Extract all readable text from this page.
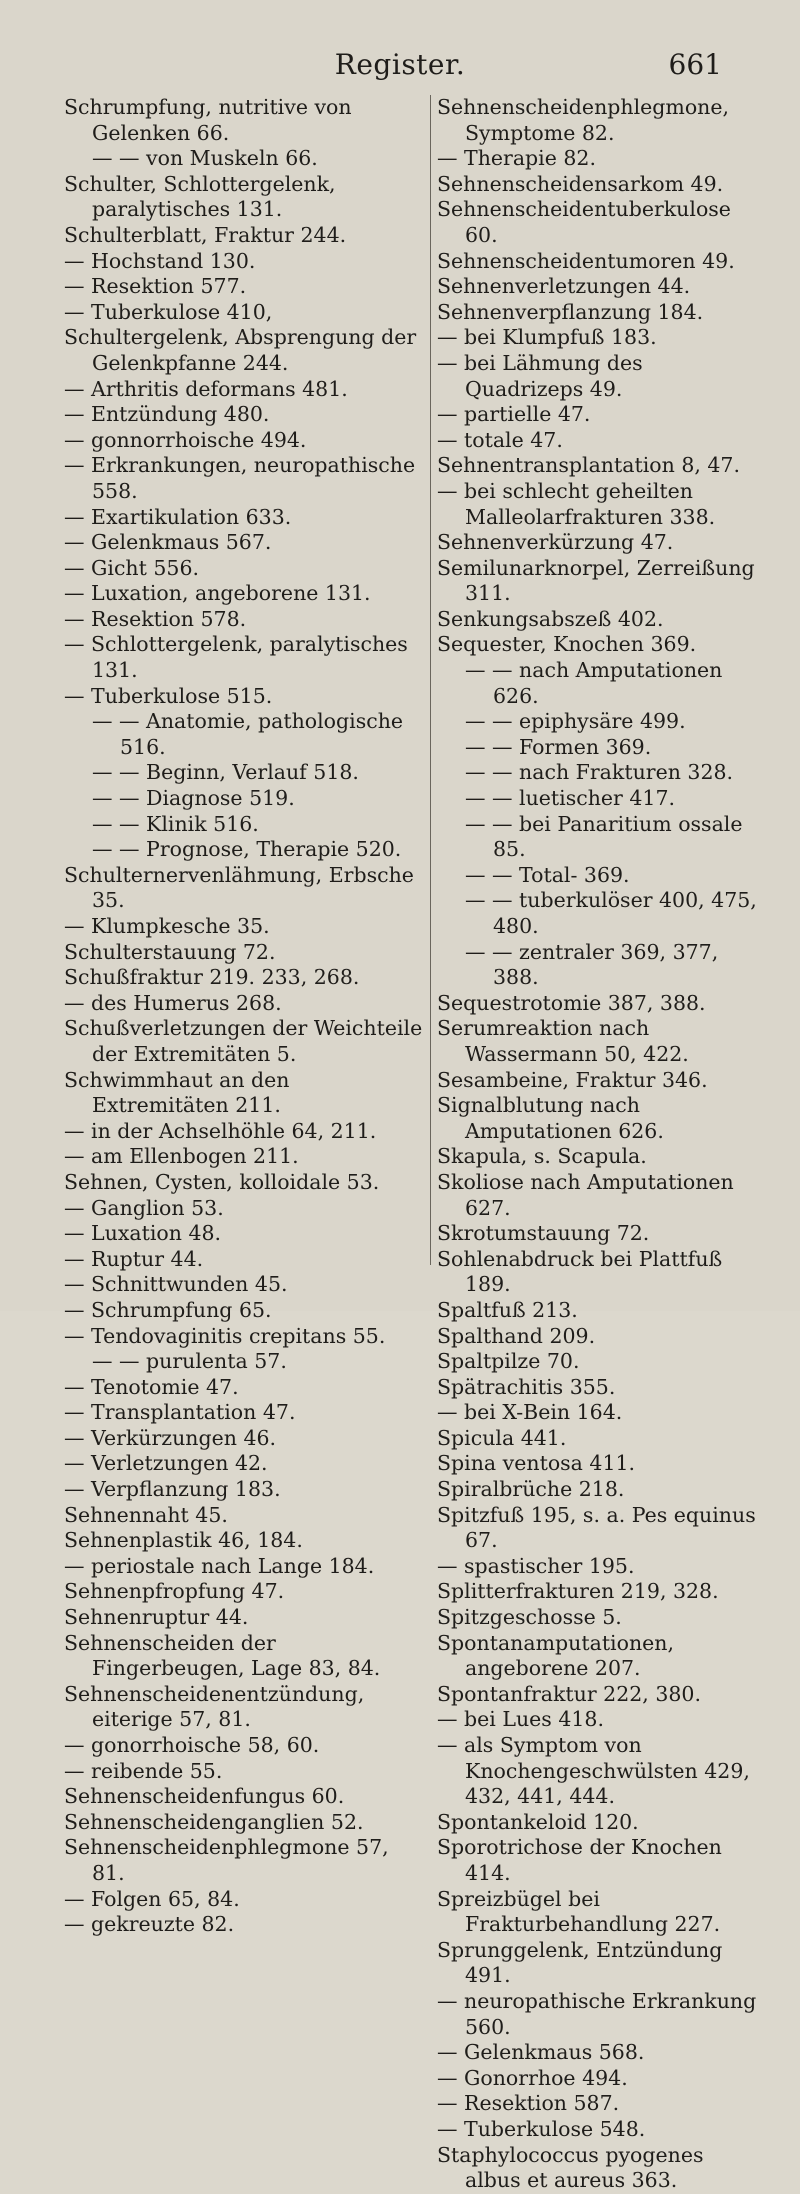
Register.	661
Schrumpfung, nutritive von Gelenken 66.
— — von Muskeln 66.
Schulter, Schlottergelenk, paralytisches 131.
Schulterblatt, Fraktur 244.
— Hochstand 130.
— Resektion 577.
— Tuberkulose 410,
Schultergelenk, Absprengung der Gelenkpfanne 244.
— Arthritis deformans 481.
— Entzündung 480.
— gonnorrhoische 494.
— Erkrankungen, neuropathische 558.
— Exartikulation 633.
— Gelenkmaus 567.
— Gicht 556.
— Luxation, angeborene 131.
— Resektion 578.
— Schlottergelenk, paralytisches 131.
— Tuberkulose 515.
— — Anatomie, pathologische 516.
— — Beginn, Verlauf 518.
— — Diagnose 519.
— — Klinik 516.
— — Prognose, Therapie 520.
Schulternervenlähmung, Erbsche 35.
— Klumpkesche 35.
Schulterstauung 72.
Schußfraktur 219. 233, 268.
— des Humerus 268.
Schußverletzungen der Weichteile der Extremitäten 5.
Schwimmhaut an den Extremitäten 211.
— in der Achselhöhle 64, 211.
— am Ellenbogen 211.
Sehnen, Cysten, kolloidale 53.
— Ganglion 53.
— Luxation 48.
— Ruptur 44.
— Schnittwunden 45.
— Schrumpfung 65.
— Tendovaginitis crepitans 55.
— — purulenta 57.
— Tenotomie 47.
— Transplantation 47.
— Verkürzungen 46.
— Verletzungen 42.
— Verpflanzung 183.
Sehnennaht 45.
Sehnenplastik 46, 184.
— periostale nach Lange 184.
Sehnenpfropfung 47.
Sehnenruptur 44.
Sehnenscheiden der Fingerbeugen, Lage 83, 84.
Sehnenscheidenentzündung, eiterige 57, 81.
— gonorrhoische 58, 60.
— reibende 55.
Sehnenscheidenfungus 60.
Sehnenscheidenganglien 52.
Sehnenscheidenphlegmone 57, 81.
— Folgen 65, 84.
— gekreuzte 82.
Sehnenscheidenphlegmone, Symptome 82.
— Therapie 82.
Sehnenscheidensarkom 49.
Sehnenscheidentuberkulose 60.
Sehnenscheidentumoren 49.
Sehnenverletzungen 44.
Sehnenverpflanzung 184.
— bei Klumpfuß 183.
— bei Lähmung des Quadrizeps 49.
— partielle 47.
— totale 47.
Sehnentransplantation 8, 47.
— bei schlecht geheilten Malleolarfrakturen 338.
Sehnenverkürzung 47.
Semilunarknorpel, Zerreißung 311.
Senkungsabszeß 402.
Sequester, Knochen 369.
— — nach Amputationen 626.
— — epiphysäre 499.
— — Formen 369.
— — nach Frakturen 328.
— — luetischer 417.
— — bei Panaritium ossale 85.
— — Total- 369.
— — tuberkulöser 400, 475, 480.
— — zentraler 369, 377, 388.
Sequestrotomie 387, 388.
Serumreaktion nach Wassermann 50, 422.
Sesambeine, Fraktur 346.
Signalblutung nach Amputationen 626.
Skapula, s. Scapula.
Skoliose nach Amputationen 627.
Skrotumstauung 72.
Sohlenabdruck bei Plattfuß 189.
Spaltfuß 213.
Spalthand 209.
Spaltpilze 70.
Spätrachitis 355.
— bei X-Bein 164.
Spicula 441.
Spina ventosa 411.
Spiralbrüche 218.
Spitzfuß 195, s. a. Pes equinus 67.
— spastischer 195.
Splitterfrakturen 219, 328.
Spitzgeschosse 5.
Spontanamputationen, angeborene 207.
Spontanfraktur 222, 380.
— bei Lues 418.
— als Symptom von Knochengeschwülsten 429, 432, 441, 444.
Spontankeloid 120.
Sporotrichose der Knochen 414.
Spreizbügel bei Frakturbehandlung 227.
Sprunggelenk, Entzündung 491.
— neuropathische Erkrankung 560.
— Gelenkmaus 568.
— Gonorrhoe 494.
— Resektion 587.
— Tuberkulose 548.
Staphylococcus pyogenes albus et aureus 363.
